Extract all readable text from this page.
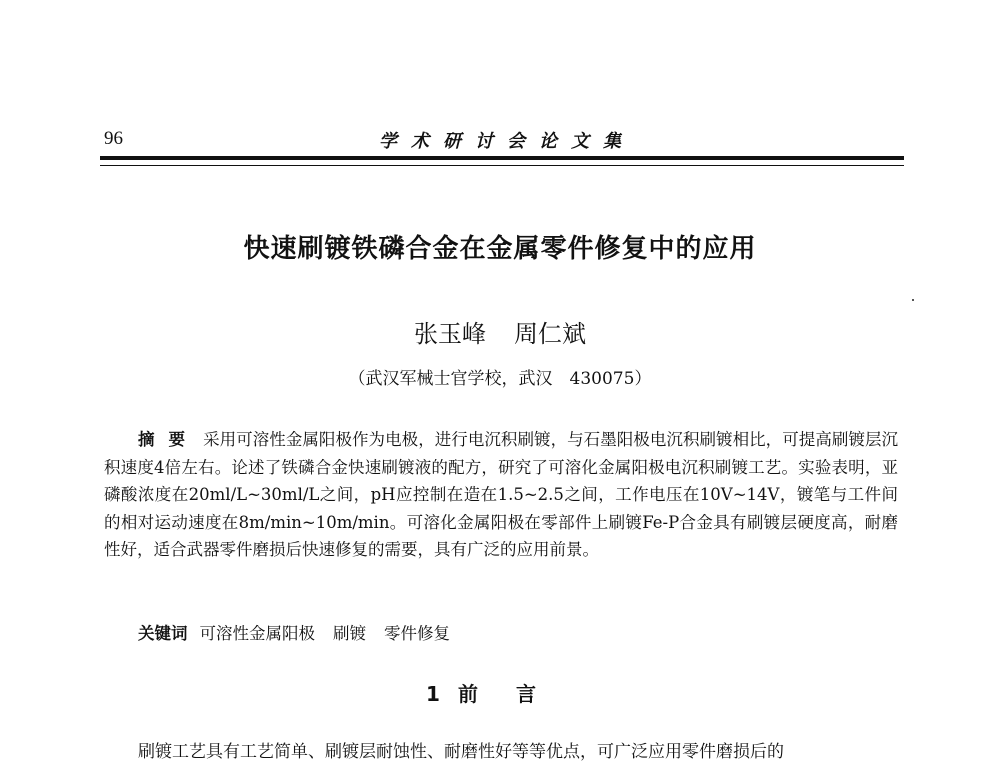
96	学术研讨会论文集
快速刷镀铁磷合金在金属零件修复中的应用
张玉峰 周仁斌
（武汉军械士官学校，武汉　430075）
摘要 采用可溶性金属阳极作为电极，进行电沉积刷镀，与石墨阳极电沉积刷镀相比，可提高刷镀层沉积速度4倍左右。论述了铁磷合金快速刷镀液的配方，研究了可溶化金属阳极电沉积刷镀工艺。实验表明，亚磷酸浓度在20ml/L~30ml/L之间，pH应控制在造在1.5~2.5之间，工作电压在10V~14V，镀笔与工件间的相对运动速度在8m/min~10m/min。可溶化金属阳极在零部件上刷镀Fe-P合金具有刷镀层硬度高，耐磨性好，适合武器零件磨损后快速修复的需要，具有广泛的应用前景。
关键词 可溶性金属阳极 刷镀 零件修复
1 前言
刷镀工艺具有工艺简单、刷镀层耐蚀性、耐磨性好等等优点，可广泛应用零件磨损后的
